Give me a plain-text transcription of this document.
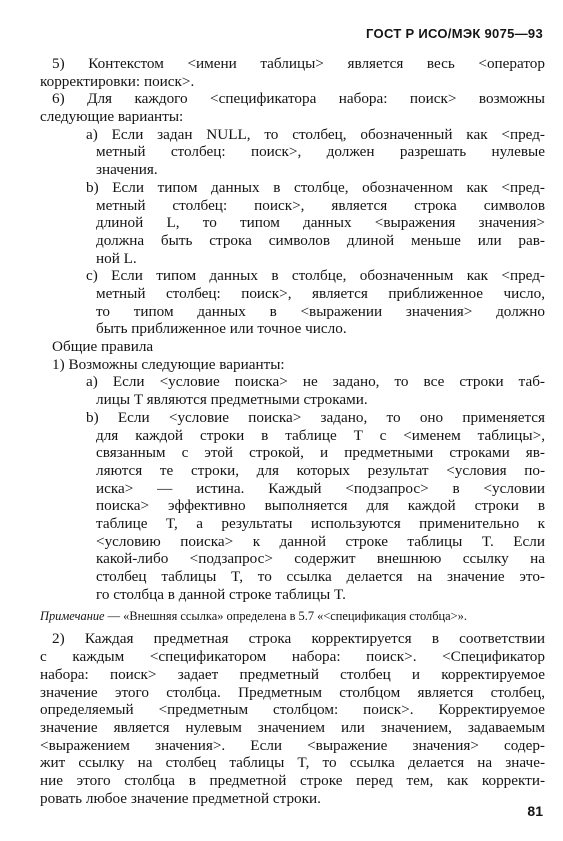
ГОСТ Р ИСО/МЭК 9075—93
5) Контекстом <имени таблицы> является весь <оператор
корректировки: поиск>.
6) Для каждого <спецификатора набора: поиск> возможны
следующие варианты:
a) Если задан NULL, то столбец, обозначенный как <пред-
метный столбец: поиск>, должен разрешать нулевые
значения.
b) Если типом данных в столбце, обозначенном как <пред-
метный столбец: поиск>, является строка символов
длиной L, то типом данных <выражения значения>
должна быть строка символов длиной меньше или рав-
ной L.
c) Если типом данных в столбце, обозначенным как <пред-
метный столбец: поиск>, является приближенное число,
то типом данных в <выражении значения> должно
быть приближенное или точное число.
Общие правила
1) Возможны следующие варианты:
a) Если <условие поиска> не задано, то все строки таб-
лицы T являются предметными строками.
b) Если <условие поиска> задано, то оно применяется
для каждой строки в таблице T с <именем таблицы>,
связанным с этой строкой, и предметными строками яв-
ляются те строки, для которых результат <условия по-
иска> — истина. Каждый <подзапрос> в <условии
поиска> эффективно выполняется для каждой строки в
таблице T, а результаты используются применительно к
<условию поиска> к данной строке таблицы T. Если
какой-либо <подзапрос> содержит внешнюю ссылку на
столбец таблицы T, то ссылка делается на значение это-
го столбца в данной строке таблицы T.
Примечание — «Внешняя ссылка» определена в 5.7 «<спецификация столбца>».
2) Каждая предметная строка корректируется в соответствии
с каждым <спецификатором набора: поиск>. <Спецификатор
набора: поиск> задает предметный столбец и корректируемое
значение этого столбца. Предметным столбцом является столбец,
определяемый <предметным столбцом: поиск>. Корректируемое
значение является нулевым значением или значением, задаваемым
<выражением значения>. Если <выражение значения> содер-
жит ссылку на столбец таблицы T, то ссылка делается на значе-
ние этого столбца в предметной строке перед тем, как корректи-
ровать любое значение предметной строки.
81
